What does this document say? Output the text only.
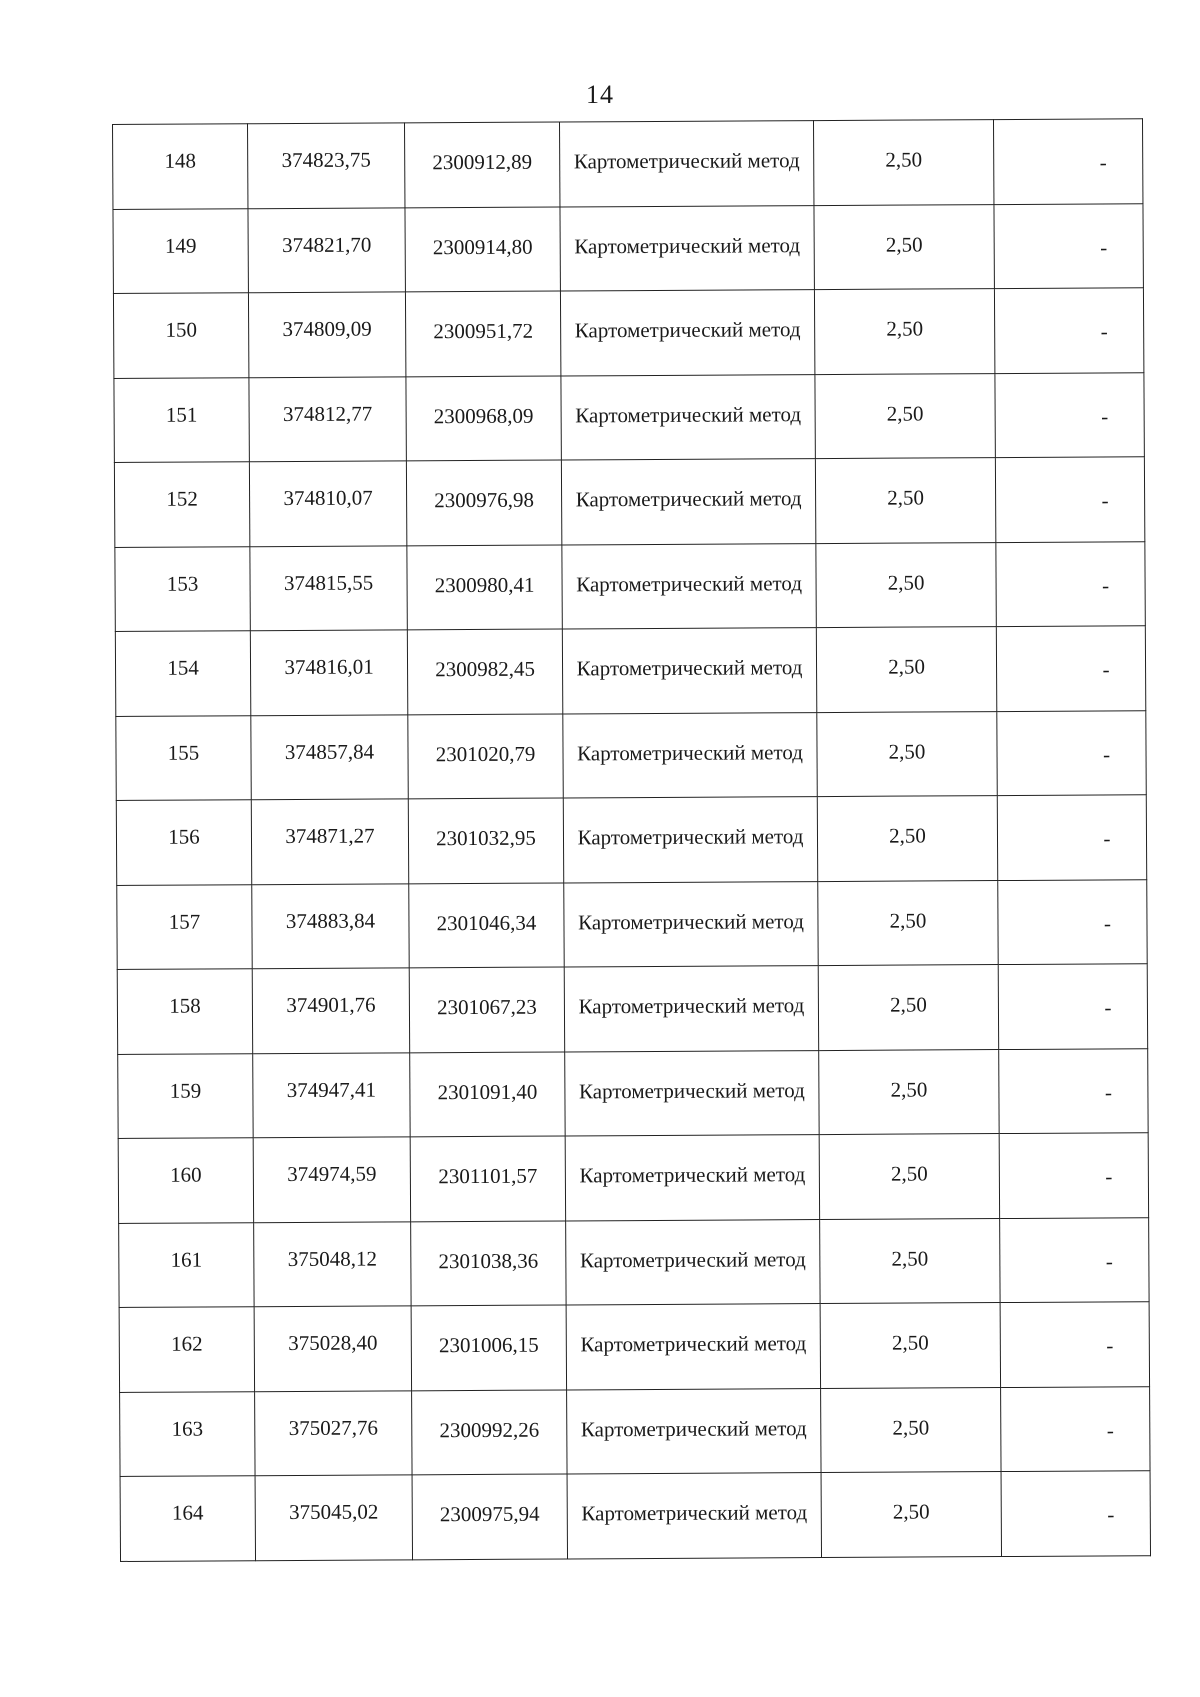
14
148	374823,75	2300912,89	Картометрический метод	2,50	-
149	374821,70	2300914,80	Картометрический метод	2,50	-
150	374809,09	2300951,72	Картометрический метод	2,50	-
151	374812,77	2300968,09	Картометрический метод	2,50	-
152	374810,07	2300976,98	Картометрический метод	2,50	-
153	374815,55	2300980,41	Картометрический метод	2,50	-
154	374816,01	2300982,45	Картометрический метод	2,50	-
155	374857,84	2301020,79	Картометрический метод	2,50	-
156	374871,27	2301032,95	Картометрический метод	2,50	-
157	374883,84	2301046,34	Картометрический метод	2,50	-
158	374901,76	2301067,23	Картометрический метод	2,50	-
159	374947,41	2301091,40	Картометрический метод	2,50	-
160	374974,59	2301101,57	Картометрический метод	2,50	-
161	375048,12	2301038,36	Картометрический метод	2,50	-
162	375028,40	2301006,15	Картометрический метод	2,50	-
163	375027,76	2300992,26	Картометрический метод	2,50	-
164	375045,02	2300975,94	Картометрический метод	2,50	-
